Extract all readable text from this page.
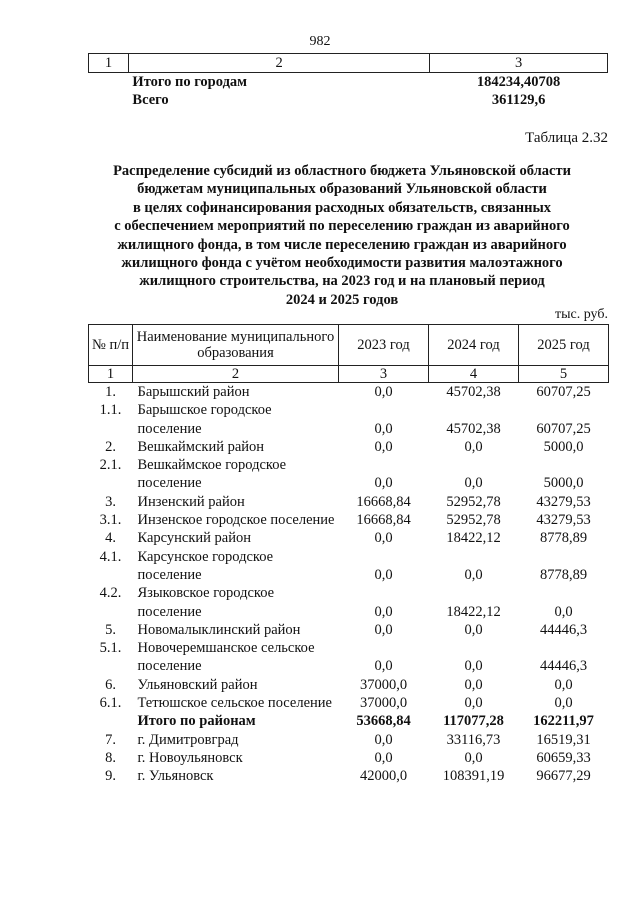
982
1	2	3
	Итого по городам	184234,40708
	Всего	361129,6
Таблица 2.32
Распределение субсидий из областного бюджета Ульяновской области
бюджетам муниципальных образований Ульяновской области
в целях софинансирования расходных обязательств, связанных
с обеспечением мероприятий по переселению граждан из аварийного
жилищного фонда, в том числе переселению граждан из аварийного
жилищного фонда с учётом необходимости развития малоэтажного
жилищного строительства, на 2023 год и на плановый период
2024 и 2025 годов
тыс. руб.
№ п/п	Наименование муниципального образования	2023 год	2024 год	2025 год
1	2	3	4	5
1.	Барышский район	0,0	45702,38	60707,25
1.1.	Барышское городское поселение	0,0	45702,38	60707,25
2.	Вешкаймский район	0,0	0,0	5000,0
2.1.	Вешкаймское городское поселение	0,0	0,0	5000,0
3.	Инзенский район	16668,84	52952,78	43279,53
3.1.	Инзенское городское поселение	16668,84	52952,78	43279,53
4.	Карсунский район	0,0	18422,12	8778,89
4.1.	Карсунское городское поселение	0,0	0,0	8778,89
4.2.	Языковское городское поселение	0,0	18422,12	0,0
5.	Новомалыклинский район	0,0	0,0	44446,3
5.1.	Новочеремшанское сельское поселение	0,0	0,0	44446,3
6.	Ульяновский район	37000,0	0,0	0,0
6.1.	Тетюшское сельское поселение	37000,0	0,0	0,0
	Итого по районам	53668,84	117077,28	162211,97
7.	г. Димитровград	0,0	33116,73	16519,31
8.	г. Новоульяновск	0,0	0,0	60659,33
9.	г. Ульяновск	42000,0	108391,19	96677,29
